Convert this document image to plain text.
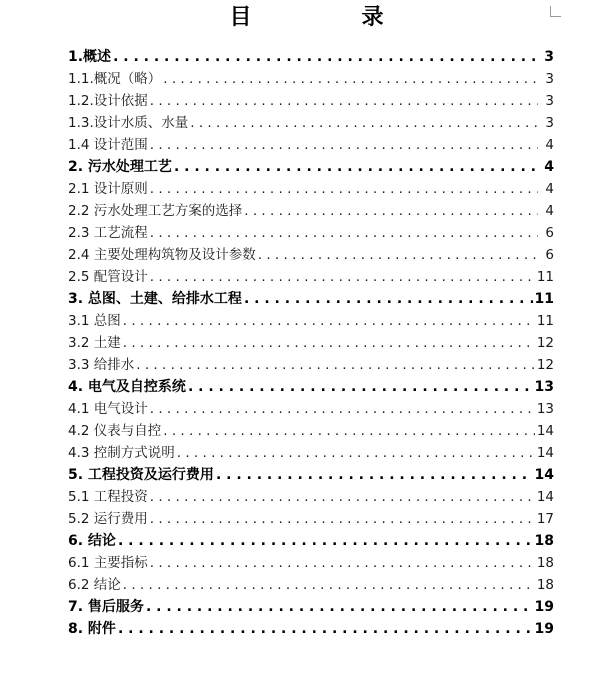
目　录
1.概述 . . .	3
1.1.概况（略） . . .	3
1.2.设计依据 . . .	3
1.3.设计水质、水量 . . .	3
1.4 设计范围 . . .	4
2. 污水处理工艺 . . .	4
2.1 设计原则 . . .	4
2.2 污水处理工艺方案的选择 . . .	4
2.3 工艺流程 . . .	6
2.4 主要处理构筑物及设计参数 . . .	6
2.5 配管设计 . . .	11
3. 总图、土建、给排水工程 . . .	11
3.1 总图 . . .	11
3.2 土建 . . .	12
3.3 给排水 . . .	12
4. 电气及自控系统 . . .	13
4.1 电气设计 . . .	13
4.2 仪表与自控 . . .	14
4.3 控制方式说明 . . .	14
5. 工程投资及运行费用 . . .	14
5.1 工程投资 . . .	14
5.2 运行费用 . . .	17
6. 结论 . . .	18
6.1 主要指标 . . .	18
6.2 结论 . . .	18
7. 售后服务 . . .	19
8. 附件 . . .	19
